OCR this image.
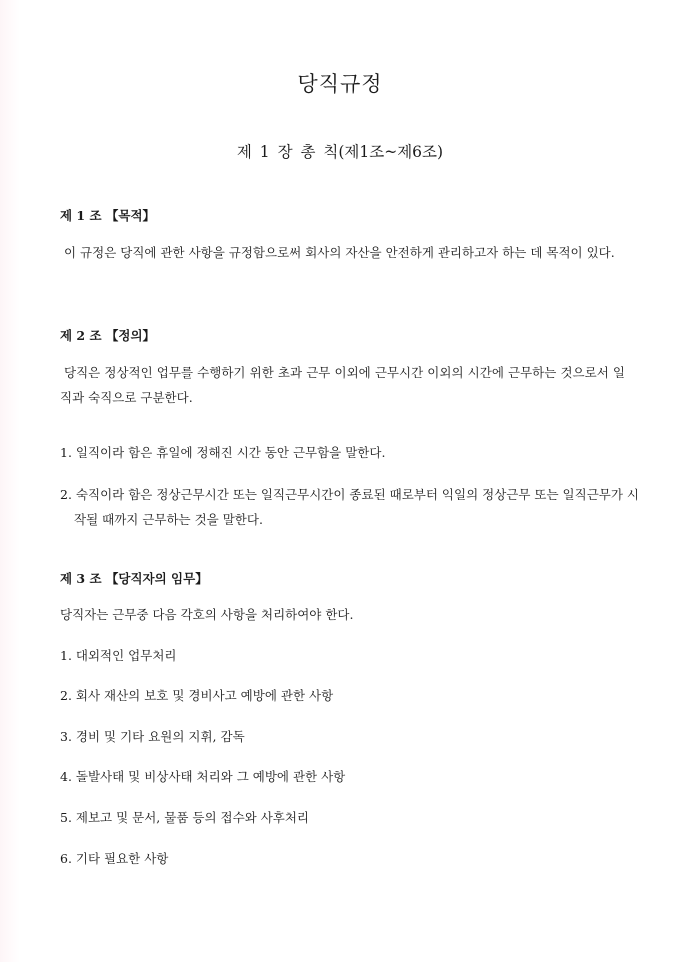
당직규정
제 1 장 총 칙(제1조~제6조)
제 1 조 【목적】
이 규정은 당직에 관한 사항을 규정함으로써 회사의 자산을 안전하게 관리하고자 하는 데 목적이 있다.
제 2 조 【정의】
당직은 정상적인 업무를 수행하기 위한 초과 근무 이외에 근무시간 이외의 시간에 근무하는 것으로서 일직과 숙직으로 구분한다.
1. 일직이라 함은 휴일에 정해진 시간 동안 근무함을 말한다.
2. 숙직이라 함은 정상근무시간 또는 일직근무시간이 종료된 때로부터 익일의 정상근무 또는 일직근무가 시작될 때까지 근무하는 것을 말한다.
제 3 조 【당직자의 임무】
당직자는 근무중 다음 각호의 사항을 처리하여야 한다.
1. 대외적인 업무처리
2. 회사 재산의 보호 및 경비사고 예방에 관한 사항
3. 경비 및 기타 요원의 지휘, 감독
4. 돌발사태 및 비상사태 처리와 그 예방에 관한 사항
5. 제보고 및 문서, 물품 등의 접수와 사후처리
6. 기타 필요한 사항
